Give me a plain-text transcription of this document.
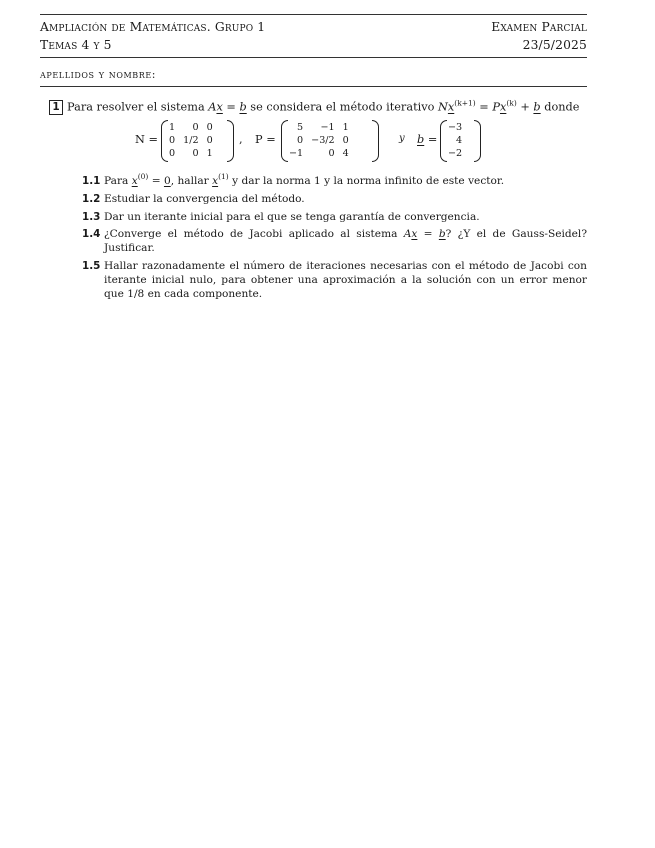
Ampliación de Matemáticas. Grupo 1	Examen Parcial
Temas 4 y 5	23/5/2025
apellidos y nombre:
1 Para resolver el sistema Ax = b se considera el método iterativo $Nx^{(k+1)} = Px^{(k)} + b$ donde
N =
1	0	0
0	1/2	0
0	0	1
, P =
5	−1	1
0	−3/2	0
−1	0	4
y b =
−3
4
−2
1.1 Para $x^{(0)} = 0$, hallar $x^{(1)}$ y dar la norma 1 y la norma infinito de este vector.
1.2 Estudiar la convergencia del método.
1.3 Dar un iterante inicial para el que se tenga garantía de convergencia.
1.4 ¿Converge el método de Jacobi aplicado al sistema Ax = b? ¿Y el de Gauss-Seidel? Justificar.
1.5 Hallar razonadamente el número de iteraciones necesarias con el método de Jacobi con iterante inicial nulo, para obtener una aproximación a la solución con un error menor que 1/8 en cada componente.
